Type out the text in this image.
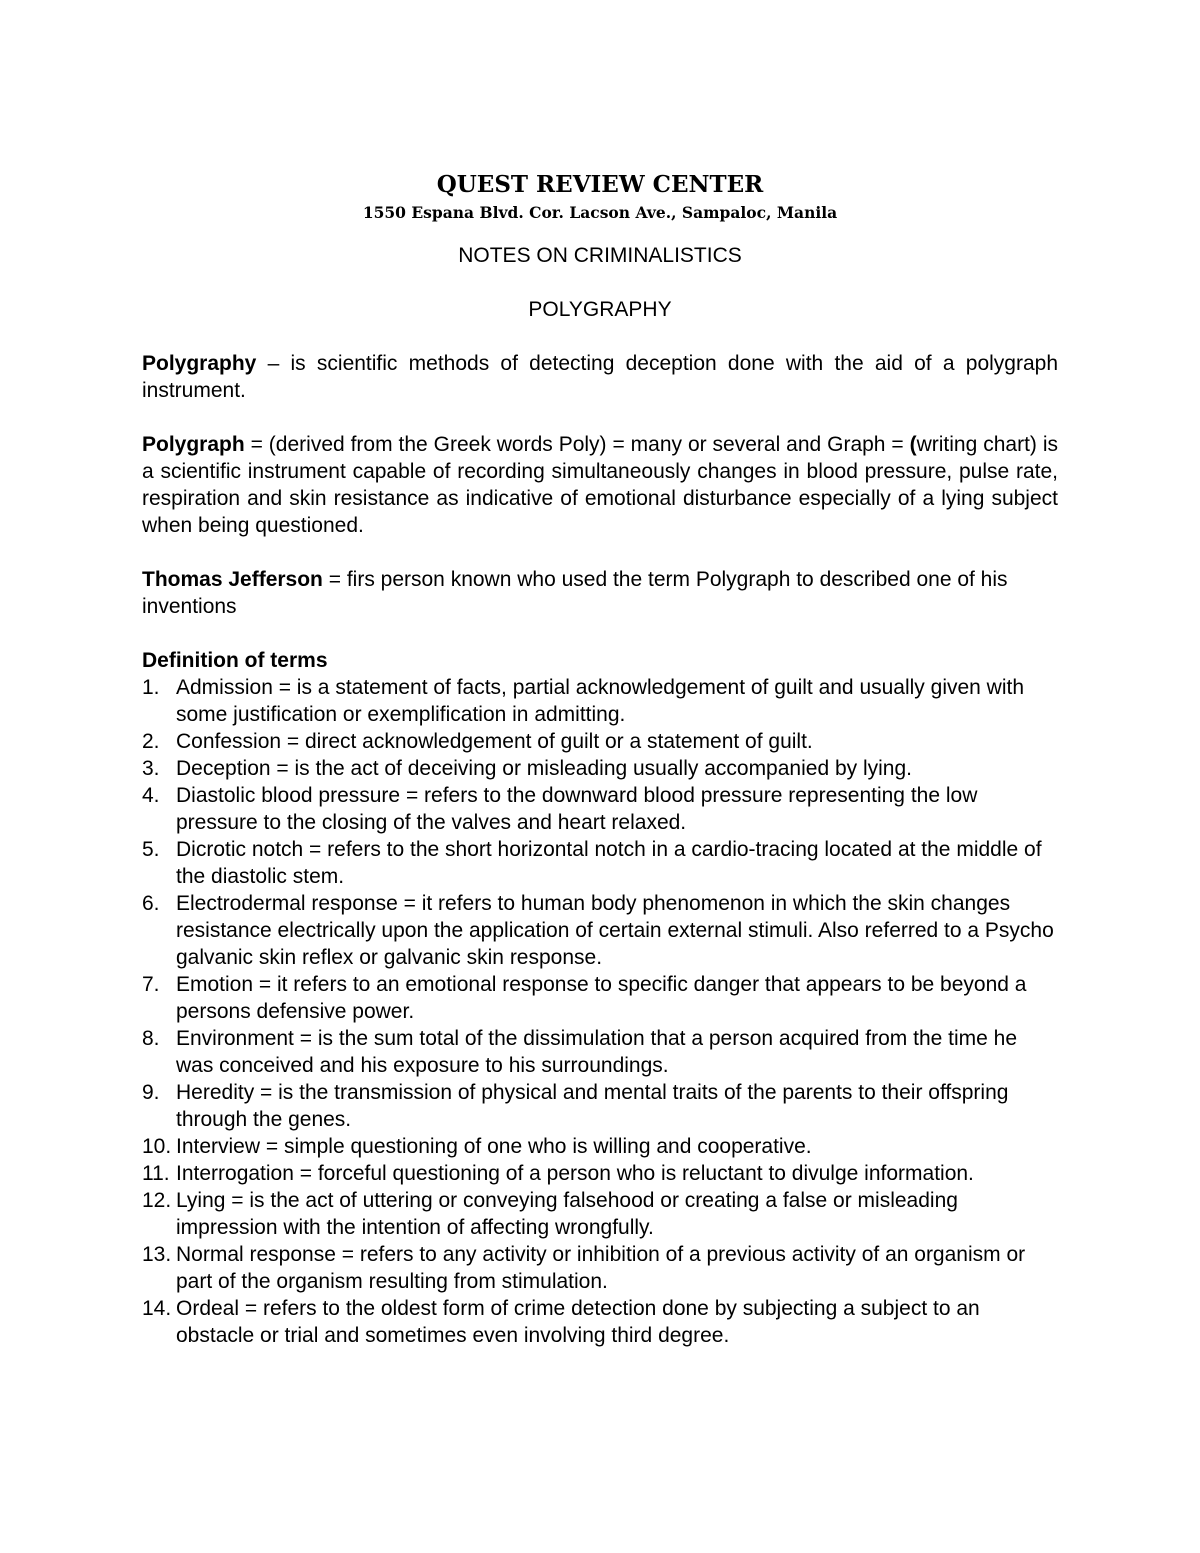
QUEST REVIEW CENTER

1550 Espana Blvd. Cor. Lacson Ave., Sampaloc, Manila

NOTES ON CRIMINALISTICS

POLYGRAPHY

Polygraphy – is scientific methods of detecting deception done with the aid of a polygraph instrument.

Polygraph = (derived from the Greek words Poly) = many or several and Graph = (writing chart) is a scientific instrument capable of recording simultaneously changes in blood pressure, pulse rate, respiration and skin resistance as indicative of emotional disturbance especially of a lying subject when being questioned.

Thomas Jefferson = firs person known who used the term Polygraph to described one of his inventions

Definition of terms

1. Admission = is a statement of facts, partial acknowledgement of guilt and usually given with some justification or exemplification in admitting.
2. Confession = direct acknowledgement of guilt or a statement of guilt.
3. Deception = is the act of deceiving or misleading usually accompanied by lying.
4. Diastolic blood pressure = refers to the downward blood pressure representing the low pressure to the closing of the valves and heart relaxed.
5. Dicrotic notch = refers to the short horizontal notch in a cardio-tracing located at the middle of the diastolic stem.
6. Electrodermal response = it refers to human body phenomenon in which the skin changes resistance electrically upon the application of certain external stimuli. Also referred to a Psycho galvanic skin reflex or galvanic skin response.
7. Emotion = it refers to an emotional response to specific danger that appears to be beyond a persons defensive power.
8. Environment = is the sum total of the dissimulation that a person acquired from the time he was conceived and his exposure to his surroundings.
9. Heredity = is the transmission of physical and mental traits of the parents to their offspring through the genes.
10. Interview = simple questioning of one who is willing and cooperative.
11. Interrogation = forceful questioning of a person who is reluctant to divulge information.
12. Lying = is the act of uttering or conveying falsehood or creating a false or misleading impression with the intention of affecting wrongfully.
13. Normal response = refers to any activity or inhibition of a previous activity of an organism or part of the organism resulting from stimulation.
14. Ordeal = refers to the oldest form of crime detection done by subjecting a subject to an obstacle or trial and sometimes even involving third degree.
